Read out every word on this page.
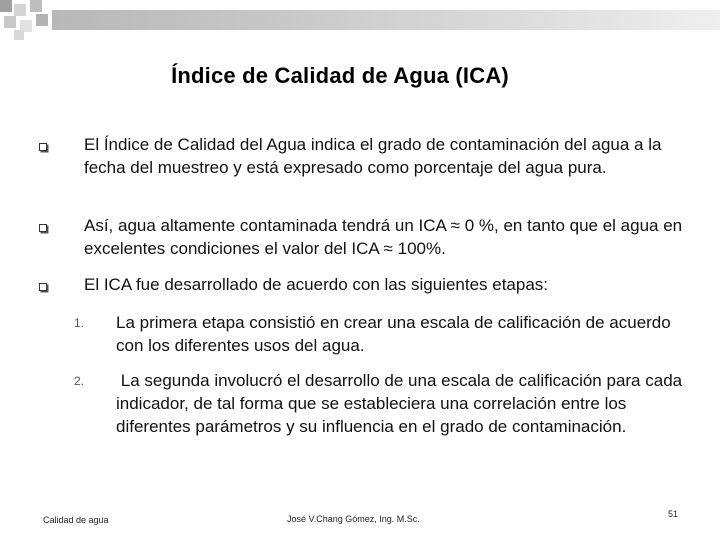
Índice de Calidad de Agua (ICA)
El Índice de Calidad del Agua indica el grado de contaminación del agua a la fecha del muestreo y está expresado como porcentaje del agua pura.
Así, agua altamente contaminada tendrá un ICA ≈ 0 %, en tanto que el agua en excelentes condiciones el valor del ICA ≈ 100%.
El ICA fue desarrollado de acuerdo con las siguientes etapas:
1. La primera etapa consistió en crear una escala de calificación de acuerdo con los diferentes usos del agua.
2. La segunda involucró el desarrollo de una escala de calificación para cada indicador, de tal forma que se estableciera una correlación entre los diferentes parámetros y su influencia en el grado de contaminación.
Calidad de agua	José V.Chang Gómez, Ing. M.Sc.	51
